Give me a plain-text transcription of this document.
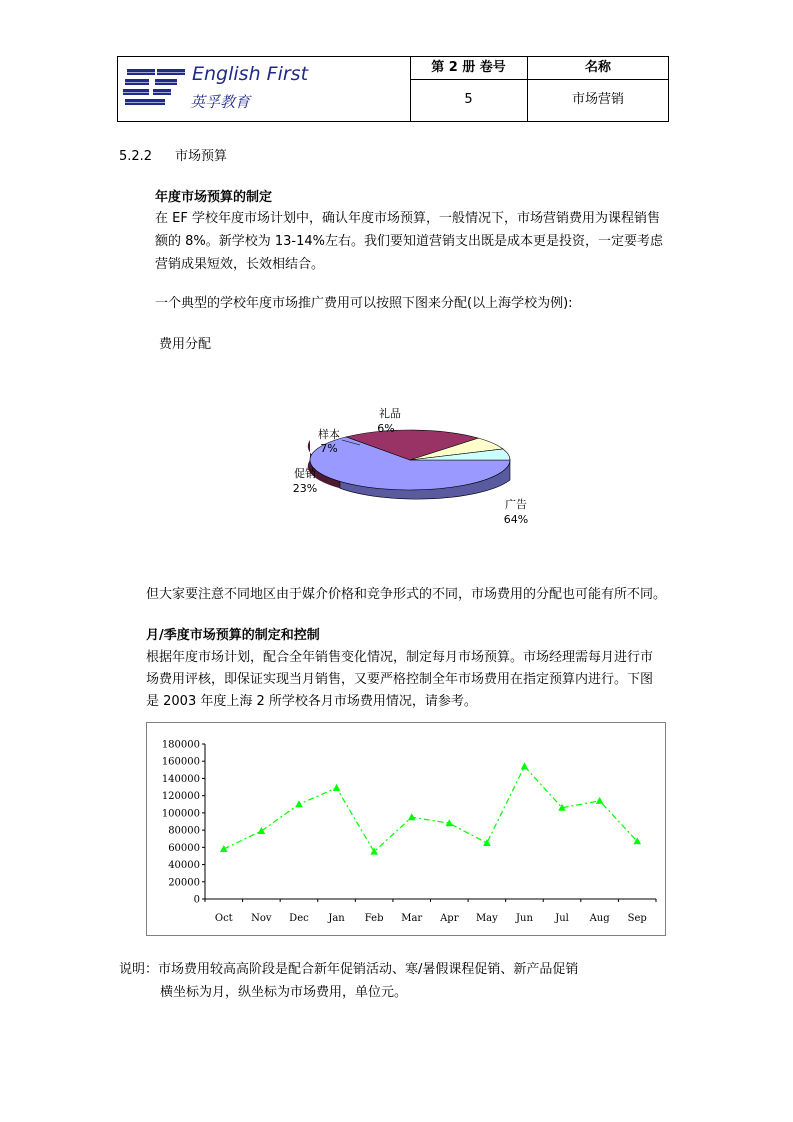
English First
英孚教育
第 2 册 卷号	名称
5	市场营销
5.2.2 市场预算
年度市场预算的制定
在 EF 学校年度市场计划中，确认年度市场预算，一般情况下，市场营销费用为课程销售
额的 8%。新学校为 13-14%左右。我们要知道营销支出既是成本更是投资，一定要考虑
营销成果短效，长效相结合。
一个典型的学校年度市场推广费用可以按照下图来分配(以上海学校为例):
费用分配
礼品
6%
样本
7%
促销
23%
广告
64%
但大家要注意不同地区由于媒介价格和竞争形式的不同，市场费用的分配也可能有所不同。
月/季度市场预算的制定和控制
根据年度市场计划，配合全年销售变化情况，制定每月市场预算。市场经理需每月进行市
场费用评核，即保证实现当月销售，又要严格控制全年市场费用在指定预算内进行。下图
是 2003 年度上海 2 所学校各月市场费用情况，请参考。
0
20000
40000
60000
80000
100000
120000
140000
160000
180000
Oct Nov Dec Jan Feb Mar Apr May Jun Jul Aug Sep
说明：市场费用较高高阶段是配合新年促销活动、寒/暑假课程促销、新产品促销
横坐标为月，纵坐标为市场费用，单位元。
